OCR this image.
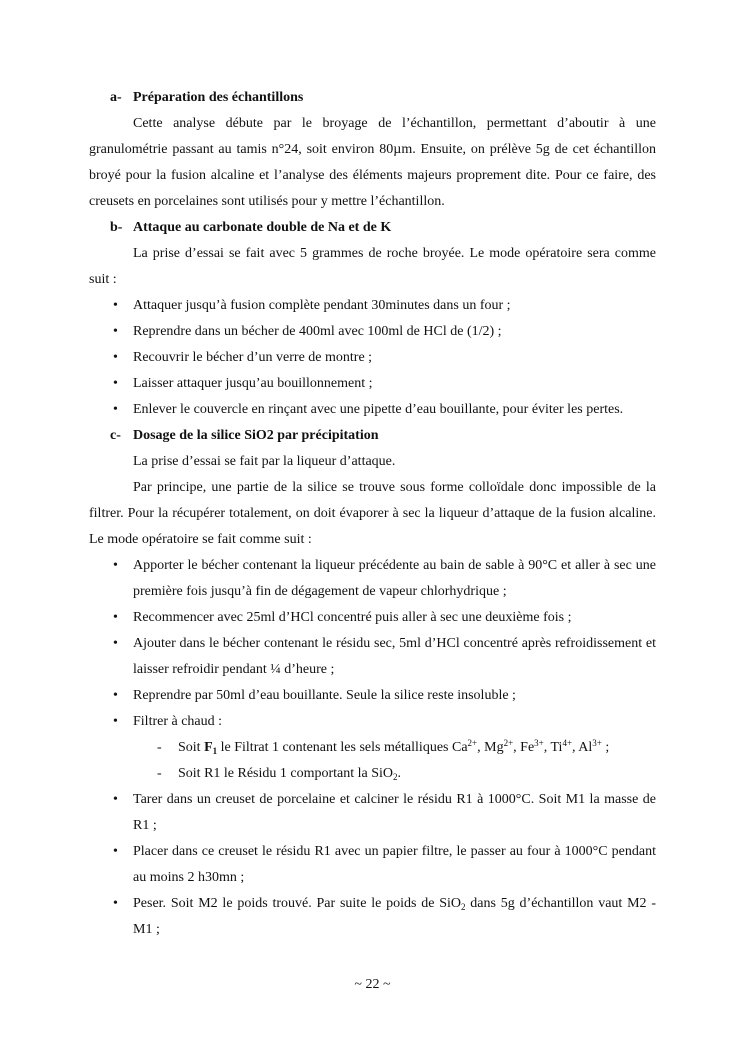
a- Préparation des échantillons
Cette analyse débute par le broyage de l’échantillon, permettant d’aboutir à une granulométrie passant au tamis n°24, soit environ 80µm. Ensuite, on prélève 5g de cet échantillon broyé pour la fusion alcaline et l’analyse des éléments majeurs proprement dite. Pour ce faire, des creusets en porcelaines sont utilisés pour y mettre l’échantillon.
b- Attaque au carbonate double de Na et de K
La prise d’essai se fait avec 5 grammes de roche broyée. Le mode opératoire sera comme suit :
• Attaquer jusqu’à fusion complète pendant 30minutes dans un four ;
• Reprendre dans un bécher de 400ml avec 100ml de HCl de (1/2) ;
• Recouvrir le bécher d’un verre de montre ;
• Laisser attaquer jusqu’au bouillonnement ;
• Enlever le couvercle en rinçant avec une pipette d’eau bouillante, pour éviter les pertes.
c- Dosage de la silice SiO2 par précipitation
La prise d’essai se fait par la liqueur d’attaque.
Par principe, une partie de la silice se trouve sous forme colloïdale donc impossible de la filtrer. Pour la récupérer totalement, on doit évaporer à sec la liqueur d’attaque de la fusion alcaline. Le mode opératoire se fait comme suit :
• Apporter le bécher contenant la liqueur précédente au bain de sable à 90°C et aller à sec une première fois jusqu’à fin de dégagement de vapeur chlorhydrique ;
• Recommencer avec 25ml d’HCl concentré puis aller à sec une deuxième fois ;
• Ajouter dans le bécher contenant le résidu sec, 5ml d’HCl concentré après refroidissement et laisser refroidir pendant ¼ d’heure ;
• Reprendre par 50ml d’eau bouillante. Seule la silice reste insoluble ;
• Filtrer à chaud :
- Soit $F_1$ le Filtrat 1 contenant les sels métalliques $Ca^{2+}$, $Mg^{2+}$, $Fe^{3+}$, $Ti^{4+}$, $Al^{3+}$ ;
- Soit R1 le Résidu 1 comportant la SiO$_2$.
• Tarer dans un creuset de porcelaine et calciner le résidu R1 à 1000°C. Soit M1 la masse de R1 ;
• Placer dans ce creuset le résidu R1 avec un papier filtre, le passer au four à 1000°C pendant au moins 2 h30mn ;
• Peser. Soit M2 le poids trouvé. Par suite le poids de SiO$_2$ dans 5g d’échantillon vaut M2 - M1 ;
~ 22 ~
